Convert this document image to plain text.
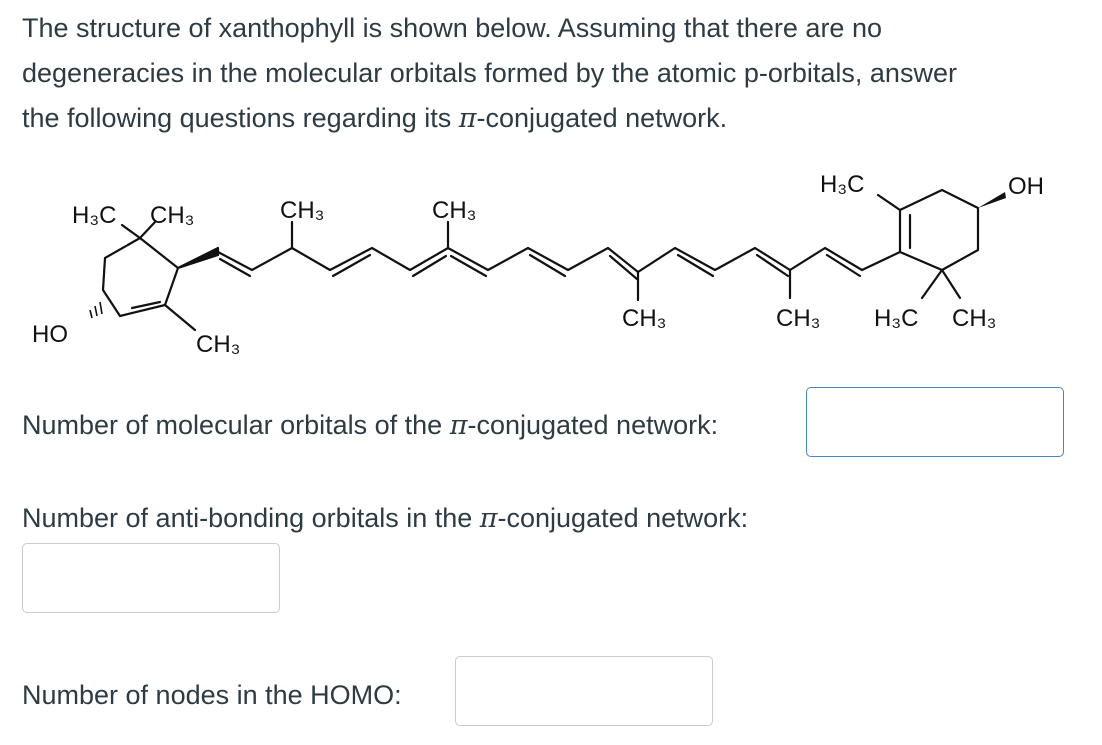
The structure of xanthophyll is shown below. Assuming that there are no
degeneracies in the molecular orbitals formed by the atomic p-orbitals, answer
the following questions regarding its π-conjugated network.
H₃C CH₃	CH₃	CH₃
H₃C	OH
HO	CH₃
CH₃	CH₃ H₃C CH₃
Number of molecular orbitals of the π-conjugated network:
Number of anti-bonding orbitals in the π-conjugated network:
Number of nodes in the HOMO:
